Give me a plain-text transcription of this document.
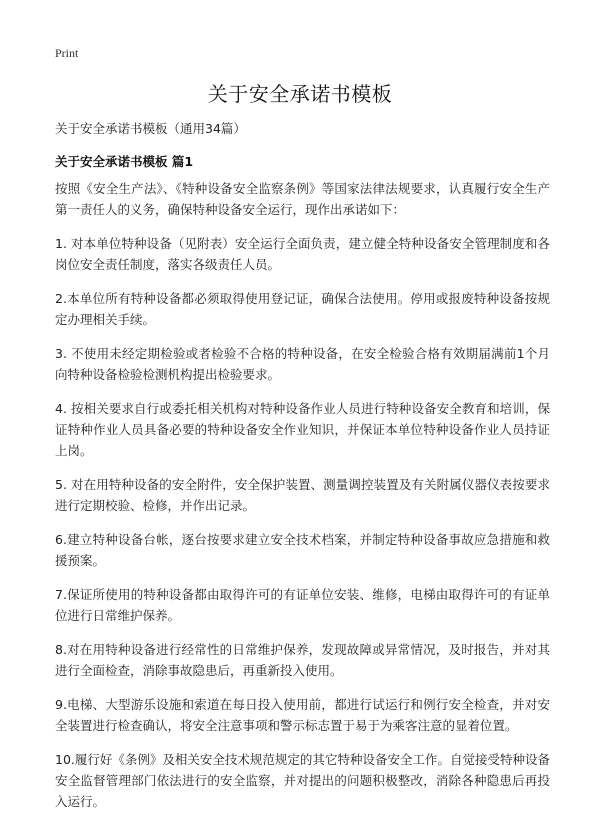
Print
关于安全承诺书模板
关于安全承诺书模板（通用34篇）
关于安全承诺书模板 篇1

按照《安全生产法》、《特种设备安全监察条例》等国家法律法规要求，认真履行安全生产第一责任人的义务，确保特种设备安全运行，现作出承诺如下：

1. 对本单位特种设备（见附表）安全运行全面负责，建立健全特种设备安全管理制度和各岗位安全责任制度，落实各级责任人员。

2.本单位所有特种设备都必须取得使用登记证，确保合法使用。停用或报废特种设备按规定办理相关手续。

3. 不使用未经定期检验或者检验不合格的特种设备，在安全检验合格有效期届满前1个月向特种设备检验检测机构提出检验要求。

4. 按相关要求自行或委托相关机构对特种设备作业人员进行特种设备安全教育和培训，保证特种作业人员具备必要的特种设备安全作业知识，并保证本单位特种设备作业人员持证上岗。

5. 对在用特种设备的安全附件，安全保护装置、测量调控装置及有关附属仪器仪表按要求进行定期校验、检修，并作出记录。

6.建立特种设备台帐，逐台按要求建立安全技术档案，并制定特种设备事故应急措施和救援预案。

7.保证所使用的特种设备都由取得许可的有证单位安装、维修，电梯由取得许可的有证单位进行日常维护保养。

8.对在用特种设备进行经常性的日常维护保养，发现故障或异常情况，及时报告，并对其进行全面检查，消除事故隐患后，再重新投入使用。

9.电梯、大型游乐设施和索道在每日投入使用前，都进行试运行和例行安全检查，并对安全装置进行检查确认，将安全注意事项和警示标志置于易于为乘客注意的显着位置。

10.履行好《条例》及相关安全技术规范规定的其它特种设备安全工作。自觉接受特种设备安全监督管理部门依法进行的安全监察，并对提出的问题积极整改，消除各种隐患后再投入运行。
